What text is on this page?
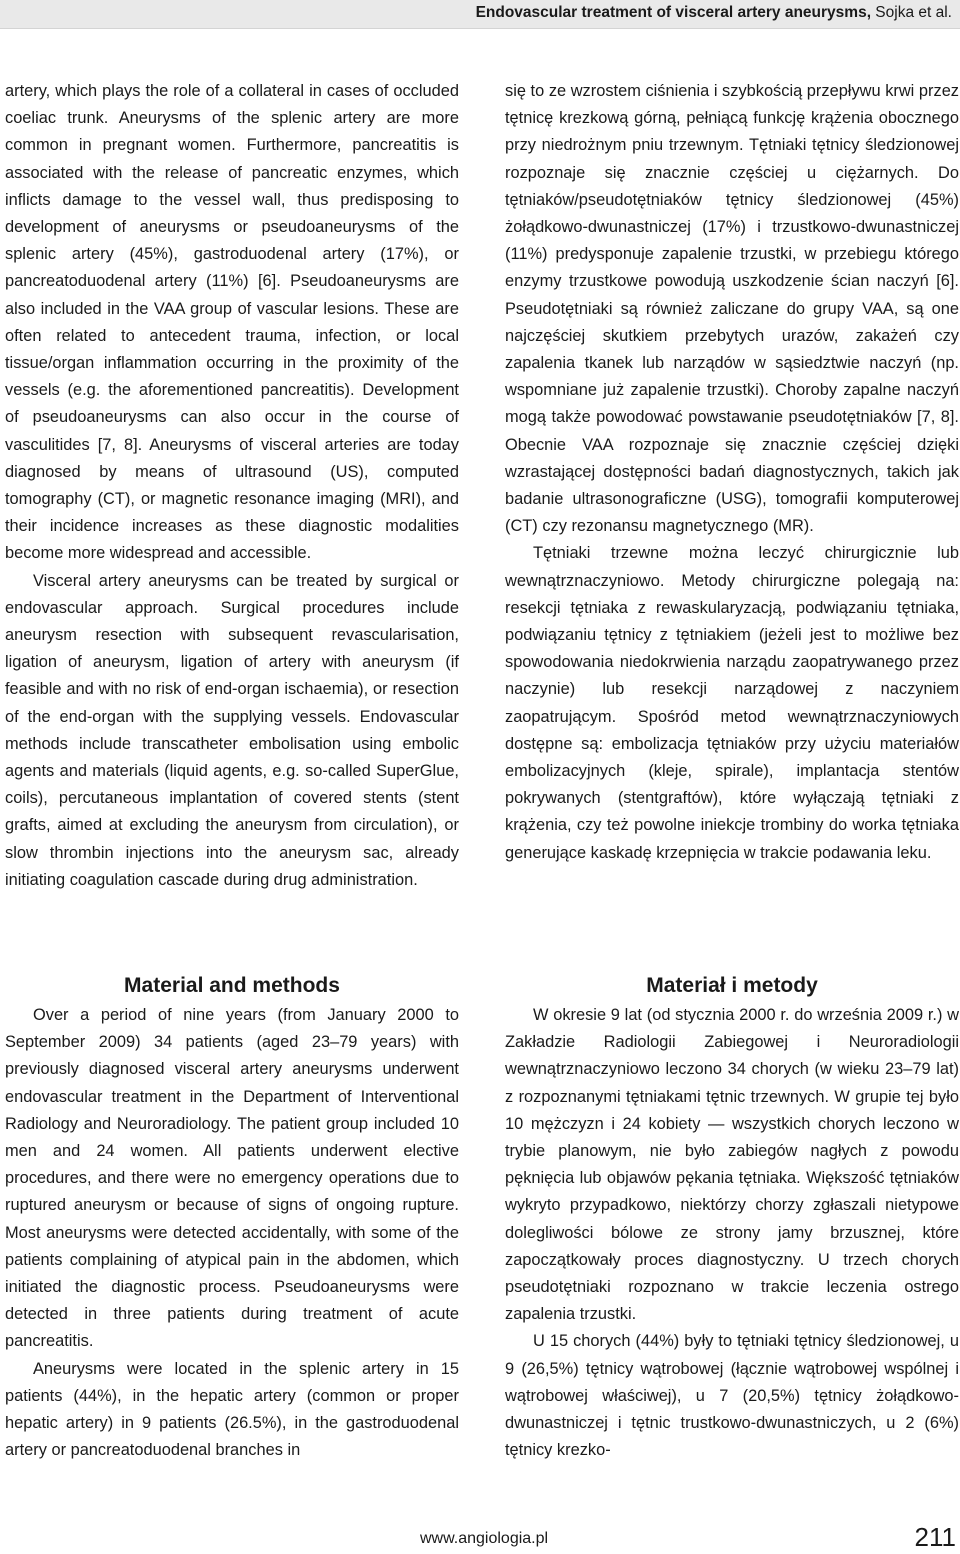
Endovascular treatment of visceral artery aneurysms, Sojka et al.

artery, which plays the role of a collateral in cases of occluded coeliac trunk. Aneurysms of the splenic artery are more common in pregnant women. Furthermore, pancreatitis is associated with the release of pancreatic enzymes, which inflicts damage to the vessel wall, thus predisposing to development of aneurysms or pseudoaneurysms of the splenic artery (45%), gastroduodenal artery (17%), or pancreatoduodenal artery (11%) [6]. Pseudoaneurysms are also included in the VAA group of vascular lesions. These are often related to antecedent trauma, infection, or local tissue/organ inflammation occurring in the proximity of the vessels (e.g. the aforementioned pancreatitis). Development of pseudoaneurysms can also occur in the course of vasculitides [7, 8]. Aneurysms of visceral arteries are today diagnosed by means of ultrasound (US), computed tomography (CT), or magnetic resonance imaging (MRI), and their incidence increases as these diagnostic modalities become more widespread and accessible.

Visceral artery aneurysms can be treated by surgical or endovascular approach. Surgical procedures include aneurysm resection with subsequent revascularisation, ligation of aneurysm, ligation of artery with aneurysm (if feasible and with no risk of end-organ ischaemia), or resection of the end-organ with the supplying vessels. Endovascular methods include transcatheter embolisation using embolic agents and materials (liquid agents, e.g. so-called SuperGlue, coils), percutaneous implantation of covered stents (stent grafts, aimed at excluding the aneurysm from circulation), or slow thrombin injections into the aneurysm sac, already initiating coagulation cascade during drug administration.

się to ze wzrostem ciśnienia i szybkością przepływu krwi przez tętnicę krezkową górną, pełniącą funkcję krążenia obocznego przy niedrożnym pniu trzewnym. Tętniaki tętnicy śledzionowej rozpoznaje się znacznie częściej u ciężarnych. Do tętniaków/pseudotętniaków tętnicy śledzionowej (45%) żołądkowo-dwunastniczej (17%) i trzustkowo-dwunastniczej (11%) predysponuje zapalenie trzustki, w przebiegu którego enzymy trzustkowe powodują uszkodzenie ścian naczyń [6]. Pseudotętniaki są również zaliczane do grupy VAA, są one najczęściej skutkiem przebytych urazów, zakażeń czy zapalenia tkanek lub narządów w sąsiedztwie naczyń (np. wspomniane już zapalenie trzustki). Choroby zapalne naczyń mogą także powodować powstawanie pseudotętniaków [7, 8]. Obecnie VAA rozpoznaje się znacznie częściej dzięki wzrastającej dostępności badań diagnostycznych, takich jak badanie ultrasonograficzne (USG), tomografii komputerowej (CT) czy rezonansu magnetycznego (MR).

Tętniaki trzewne można leczyć chirurgicznie lub wewnątrznaczyniowo. Metody chirurgiczne polegają na: resekcji tętniaka z rewaskularyzacją, podwiązaniu tętniaka, podwiązaniu tętnicy z tętniakiem (jeżeli jest to możliwe bez spowodowania niedokrwienia narządu zaopatrywanego przez naczynie) lub resekcji narządowej z naczyniem zaopatrującym. Spośród metod wewnątrznaczyniowych dostępne są: embolizacja tętniaków przy użyciu materiałów embolizacyjnych (kleje, spirale), implantacja stentów pokrywanych (stentgraftów), które wyłączają tętniaki z krążenia, czy też powolne iniekcje trombiny do worka tętniaka generujące kaskadę krzepnięcia w trakcie podawania leku.

Material and methods	Materiał i metody

Over a period of nine years (from January 2000 to September 2009) 34 patients (aged 23–79 years) with previously diagnosed visceral artery aneurysms underwent endovascular treatment in the Department of Interventional Radiology and Neuroradiology. The patient group included 10 men and 24 women. All patients underwent elective procedures, and there were no emergency operations due to ruptured aneurysm or because of signs of ongoing rupture. Most aneurysms were detected accidentally, with some of the patients complaining of atypical pain in the abdomen, which initiated the diagnostic process. Pseudoaneurysms were detected in three patients during treatment of acute pancreatitis.

Aneurysms were located in the splenic artery in 15 patients (44%), in the hepatic artery (common or proper hepatic artery) in 9 patients (26.5%), in the gastroduodenal artery or pancreatoduodenal branches in

W okresie 9 lat (od stycznia 2000 r. do września 2009 r.) w Zakładzie Radiologii Zabiegowej i Neuroradiologii wewnątrznaczyniowo leczono 34 chorych (w wieku 23–79 lat) z rozpoznanymi tętniakami tętnic trzewnych. W grupie tej było 10 mężczyzn i 24 kobiety — wszystkich chorych leczono w trybie planowym, nie było zabiegów nagłych z powodu pęknięcia lub objawów pękania tętniaka. Większość tętniaków wykryto przypadkowo, niektórzy chorzy zgłaszali nietypowe dolegliwości bólowe ze strony jamy brzusznej, które zapoczątkowały proces diagnostyczny. U trzech chorych pseudotętniaki rozpoznano w trakcie leczenia ostrego zapalenia trzustki.

U 15 chorych (44%) były to tętniaki tętnicy śledzionowej, u 9 (26,5%) tętnicy wątrobowej (łącznie wątrobowej wspólnej i wątrobowej właściwej), u 7 (20,5%) tętnicy żołądkowo-dwunastniczej i tętnic trustkowo-dwunastniczych, u 2 (6%) tętnicy krezko-

www.angiologia.pl	211
